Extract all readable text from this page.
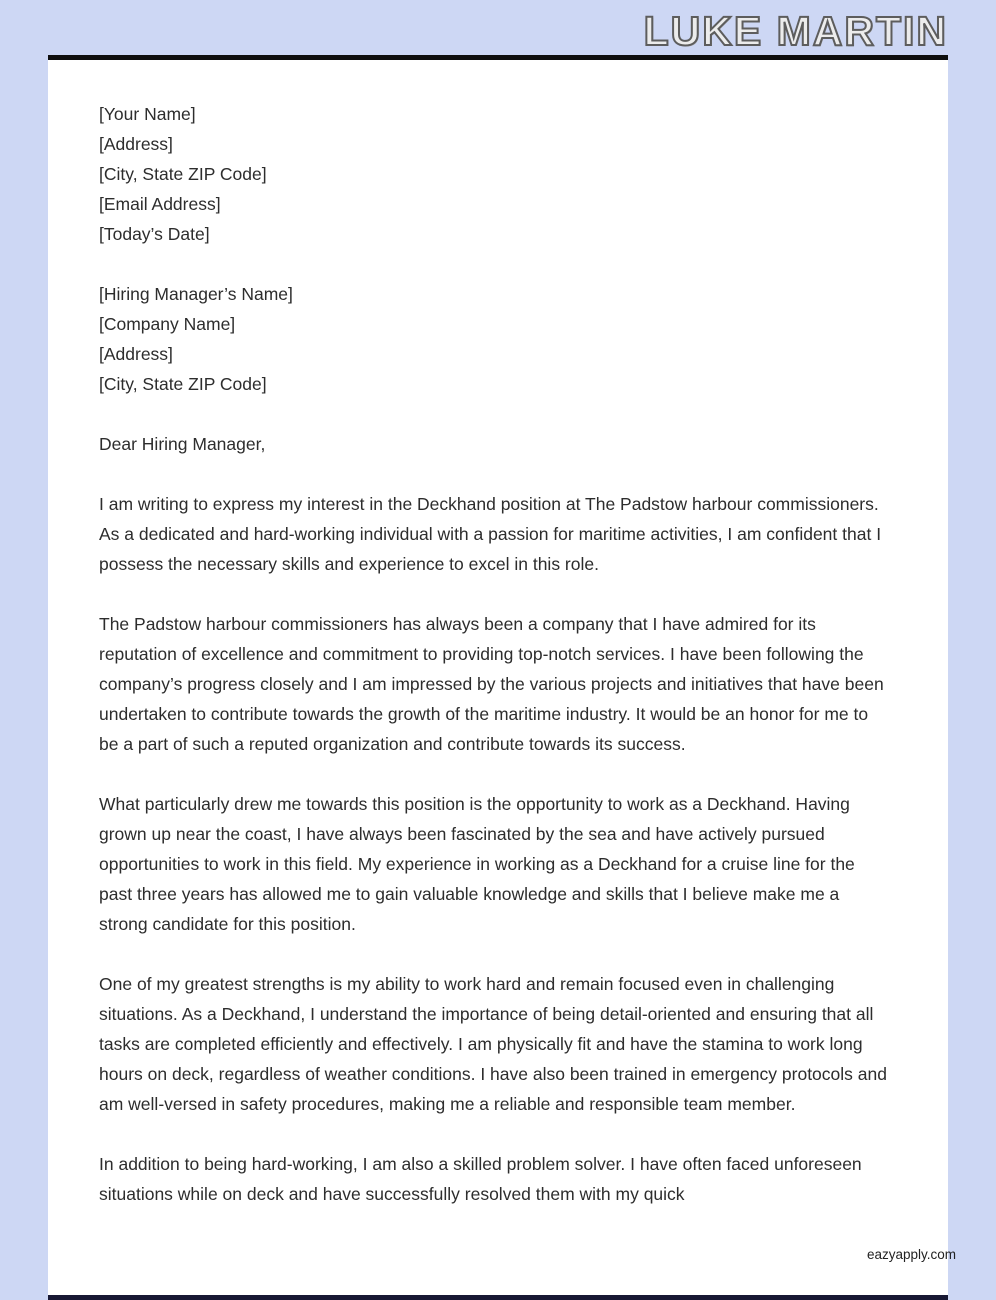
LUKE MARTIN
[Your Name]
[Address]
[City, State ZIP Code]
[Email Address]
[Today’s Date]
[Hiring Manager’s Name]
[Company Name]
[Address]
[City, State ZIP Code]
Dear Hiring Manager,

I am writing to express my interest in the Deckhand position at The Padstow harbour commissioners. As a dedicated and hard-working individual with a passion for maritime activities, I am confident that I possess the necessary skills and experience to excel in this role.

The Padstow harbour commissioners has always been a company that I have admired for its reputation of excellence and commitment to providing top-notch services. I have been following the company’s progress closely and I am impressed by the various projects and initiatives that have been undertaken to contribute towards the growth of the maritime industry. It would be an honor for me to be a part of such a reputed organization and contribute towards its success.

What particularly drew me towards this position is the opportunity to work as a Deckhand. Having grown up near the coast, I have always been fascinated by the sea and have actively pursued opportunities to work in this field. My experience in working as a Deckhand for a cruise line for the past three years has allowed me to gain valuable knowledge and skills that I believe make me a strong candidate for this position.

One of my greatest strengths is my ability to work hard and remain focused even in challenging situations. As a Deckhand, I understand the importance of being detail-oriented and ensuring that all tasks are completed efficiently and effectively. I am physically fit and have the stamina to work long hours on deck, regardless of weather conditions. I have also been trained in emergency protocols and am well-versed in safety procedures, making me a reliable and responsible team member.

In addition to being hard-working, I am also a skilled problem solver. I have often faced unforeseen situations while on deck and have successfully resolved them with my quick

eazyapply.com
